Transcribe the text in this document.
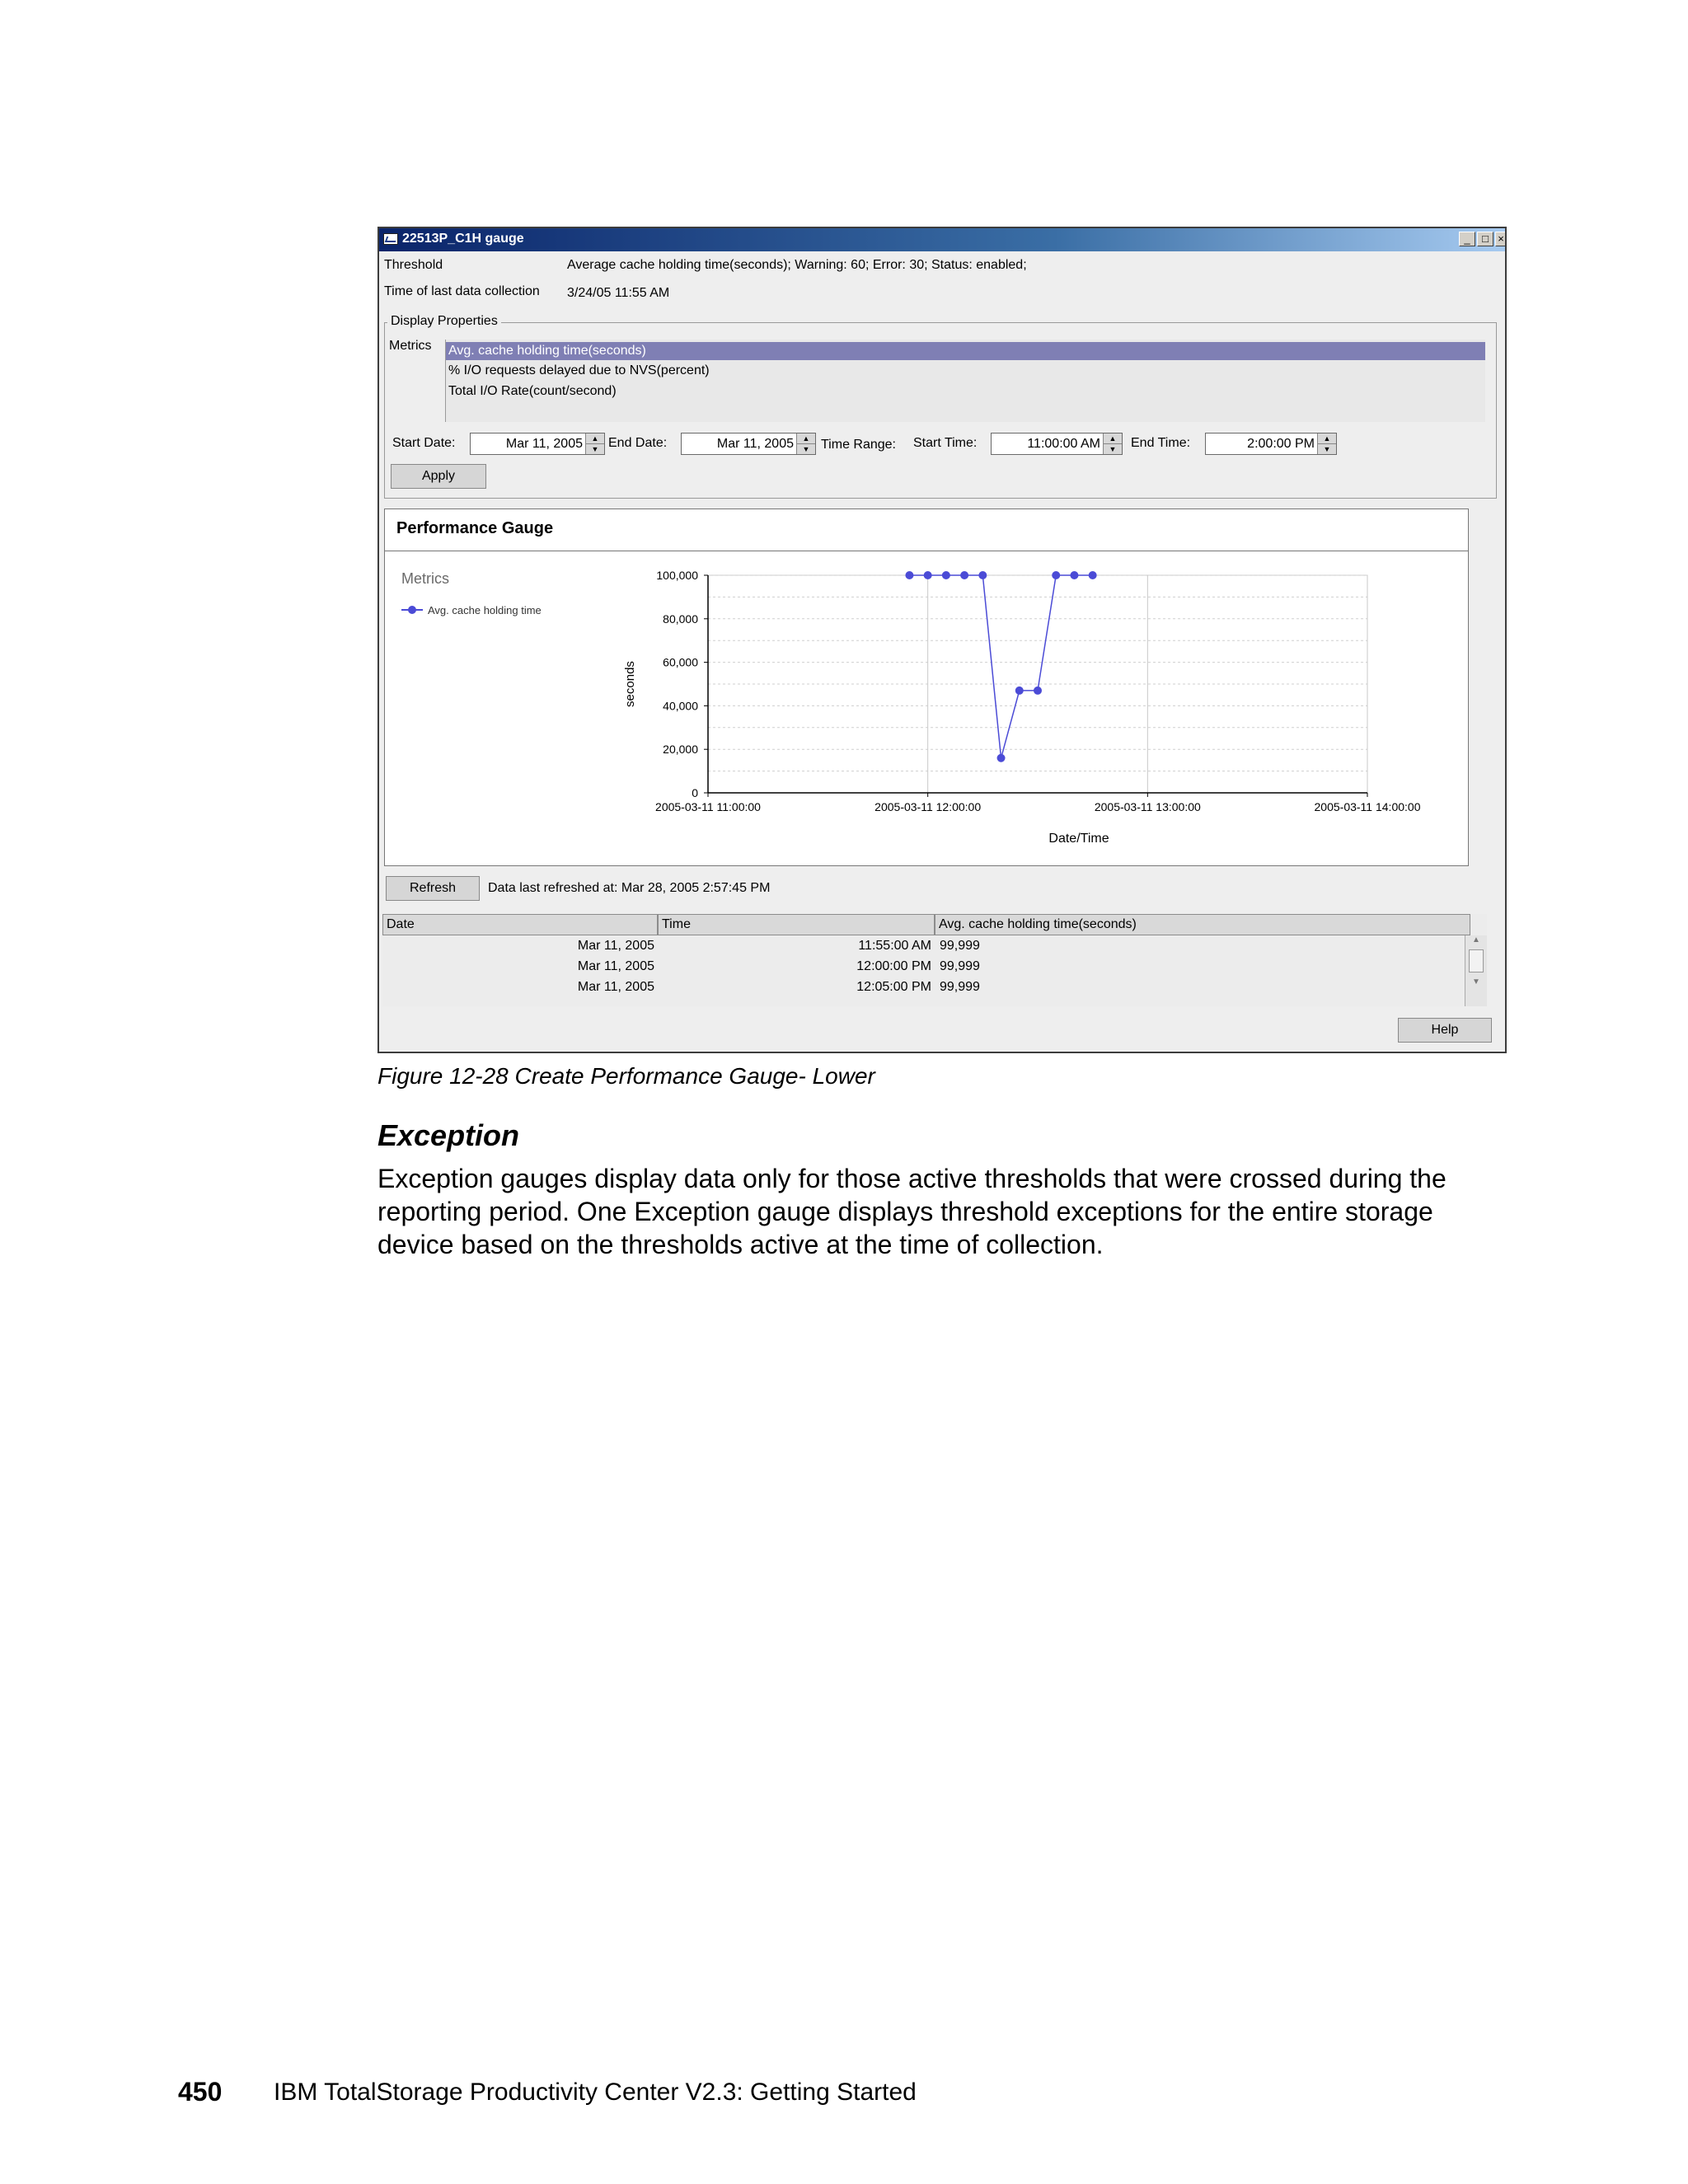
22513P_C1H gauge	_	□ ×
Threshold	Average cache holding time(seconds); Warning: 60; Error: 30; Status: enabled;
Time of last data collection 3/24/05 11:55 AM
Display Properties
Metrics Avg. cache holding time(seconds)
% I/O requests delayed due to NVS(percent)
Total I/O Rate(count/second)
Start Date:	Mar 11, 2005	▲
▼ End Date:	Mar 11, 2005	▲
▼ Time Range: Start Time:	11:00:00 AM	▲
▼	End Time:	2:00:00 PM	▲
▼
Apply
Performance Gauge
Metrics
Avg. cache holding time
0
20,000
40,000
60,000
80,000
100,000
2005-03-11 11:00:00	2005-03-11 12:00:00	2005-03-11 13:00:00	2005-03-11 14:00:00
seconds
Date/Time
Refresh	Data last refreshed at: Mar 28, 2005 2:57:45 PM
Date	Time	Avg. cache holding time(seconds)
Mar 11, 2005	11:55:00 AM 99,999
Mar 11, 2005	12:00:00 PM 99,999
Mar 11, 2005	12:05:00 PM 99,999
▲
▼
Help
Figure 12-28 Create Performance Gauge- Lower
Exception
Exception gauges display data only for those active thresholds that were crossed during the reporting period. One Exception gauge displays threshold exceptions for the entire storage device based on the thresholds active at the time of collection.
450 IBM TotalStorage Productivity Center V2.3: Getting Started
